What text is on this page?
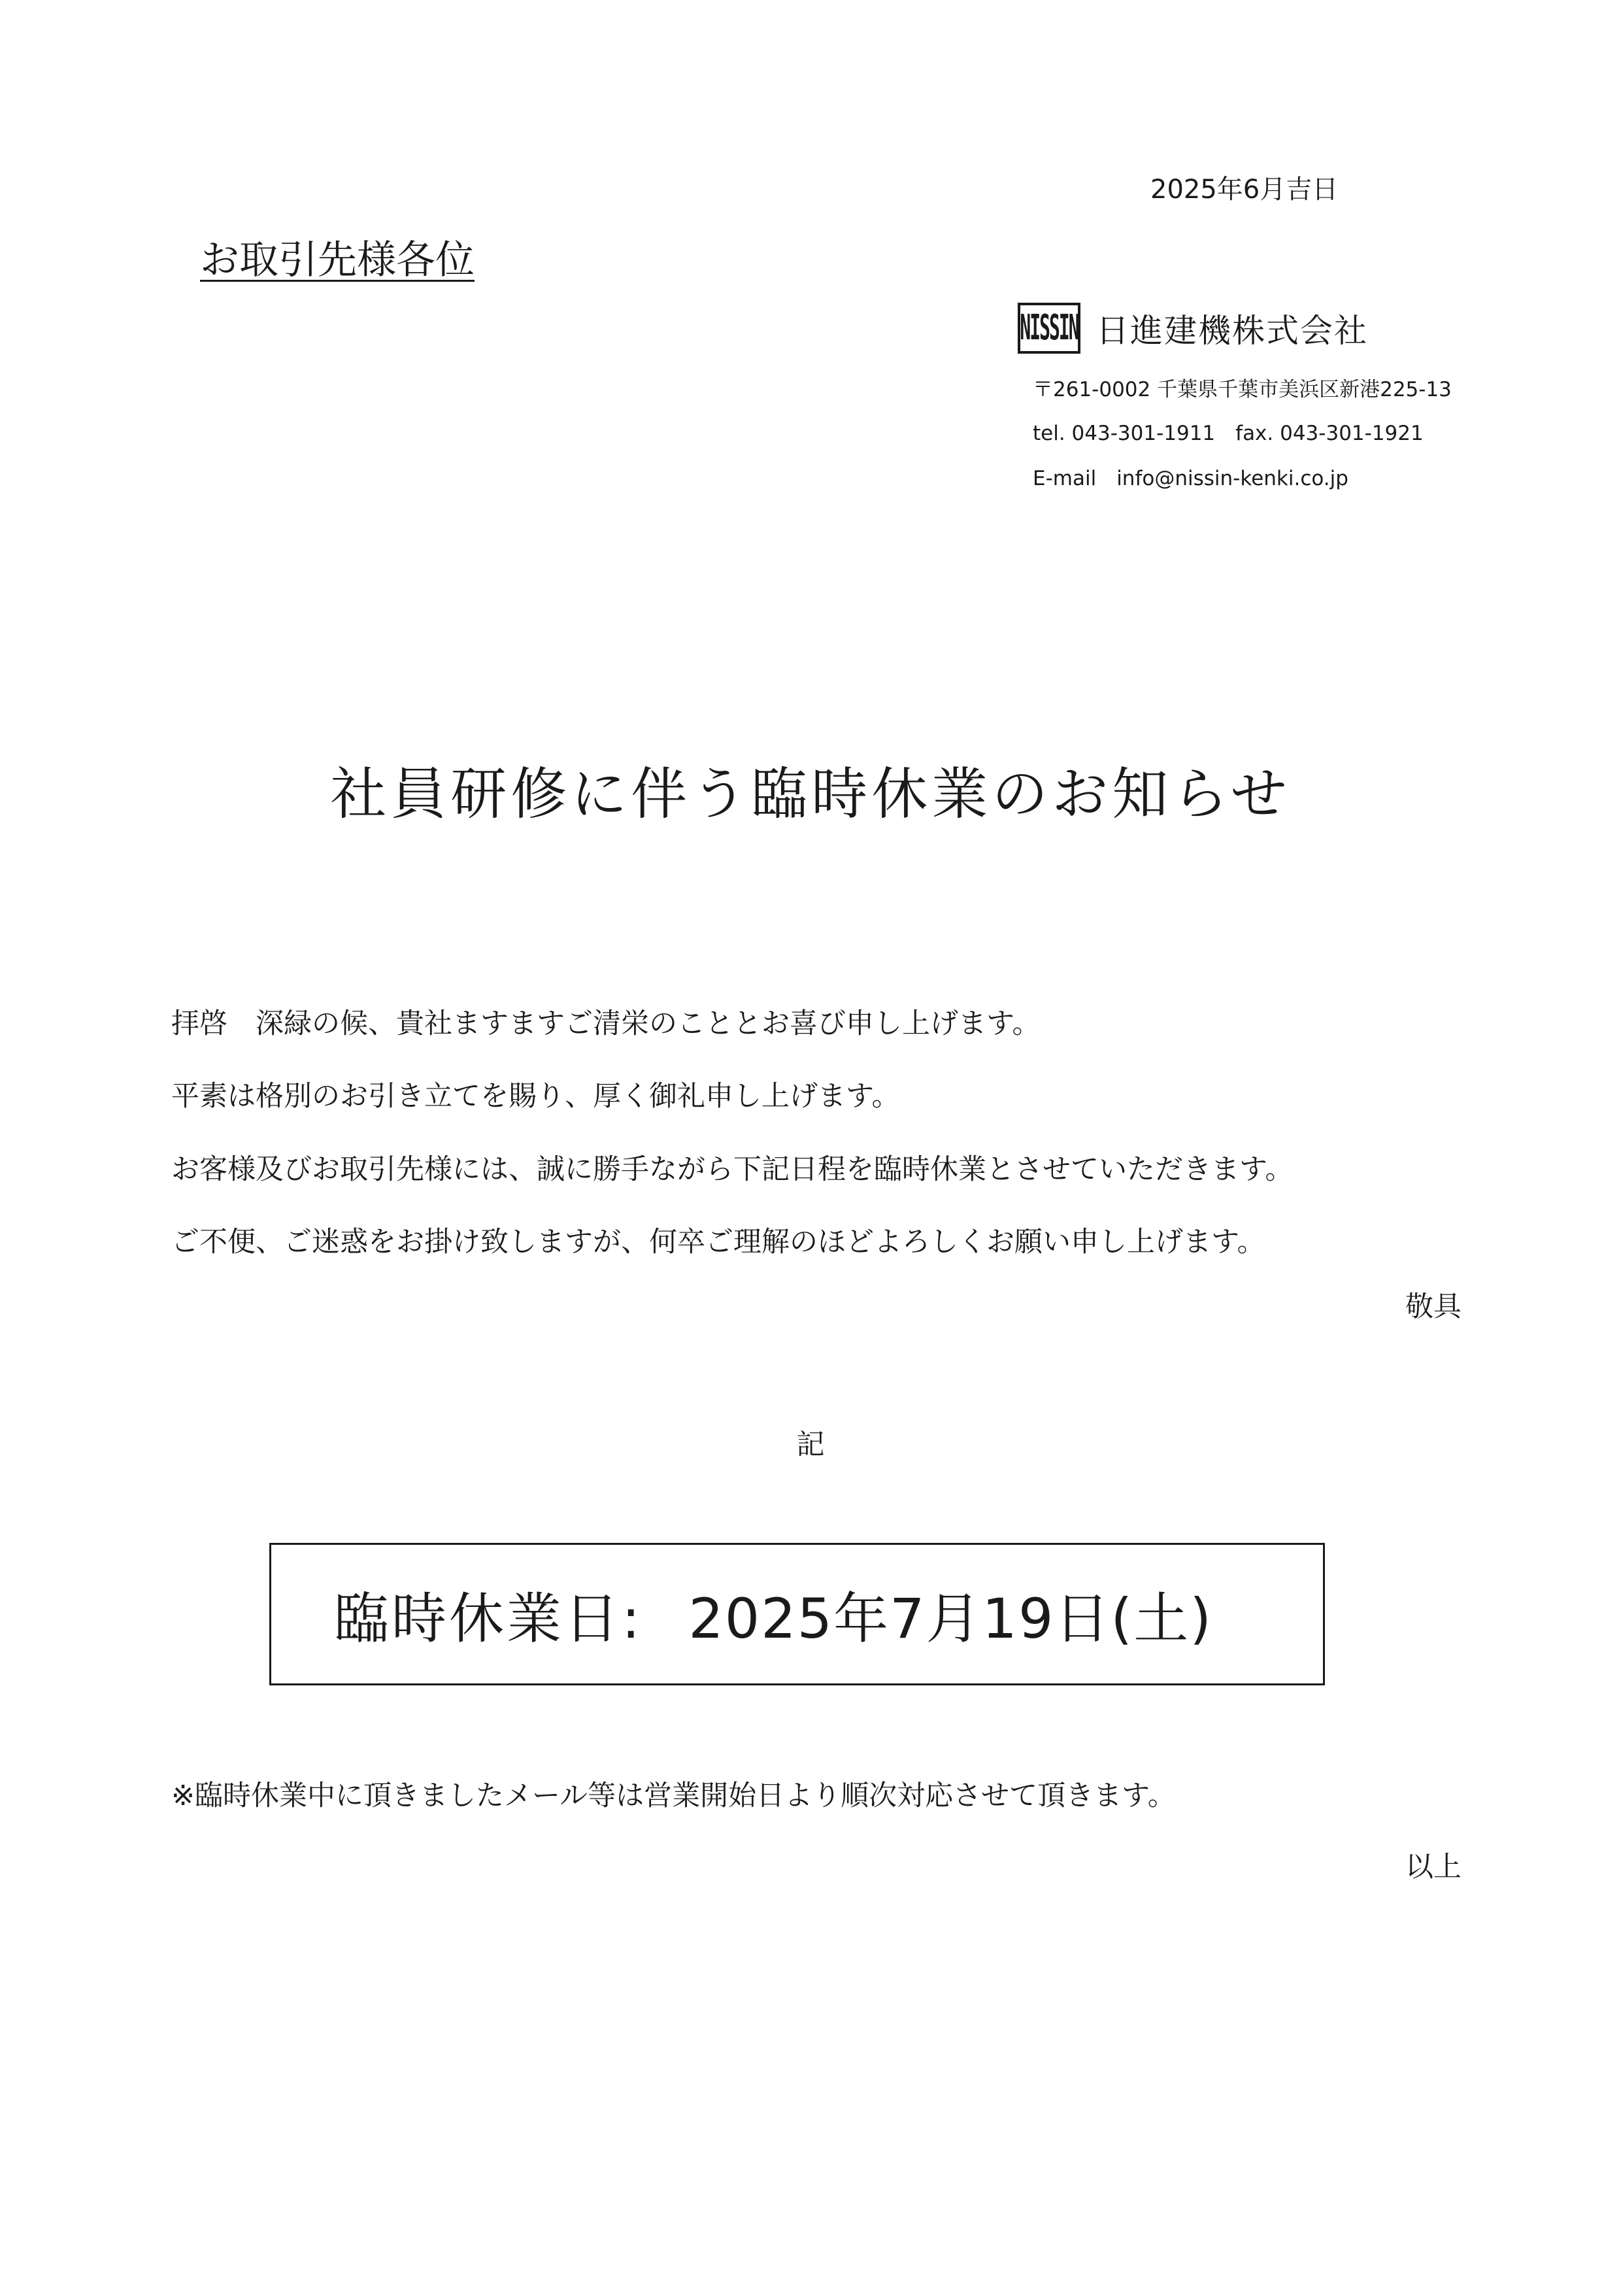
2025年6月吉日
お取引先様各位
NISSIN 日進建機株式会社
〒261-0002 千葉県千葉市美浜区新港225-13
tel. 043-301-1911　fax. 043-301-1921
E-mail　info@nissin-kenki.co.jp
社員研修に伴う臨時休業のお知らせ
拝啓　深緑の候、貴社ますますご清栄のこととお喜び申し上げます。
平素は格別のお引き立てを賜り、厚く御礼申し上げます。
お客様及びお取引先様には、誠に勝手ながら下記日程を臨時休業とさせていただきます。
ご不便、ご迷惑をお掛け致しますが、何卒ご理解のほどよろしくお願い申し上げます。
敬具
記
臨時休業日: 2025年7月19日(土)
※臨時休業中に頂きましたメール等は営業開始日より順次対応させて頂きます。
以上
